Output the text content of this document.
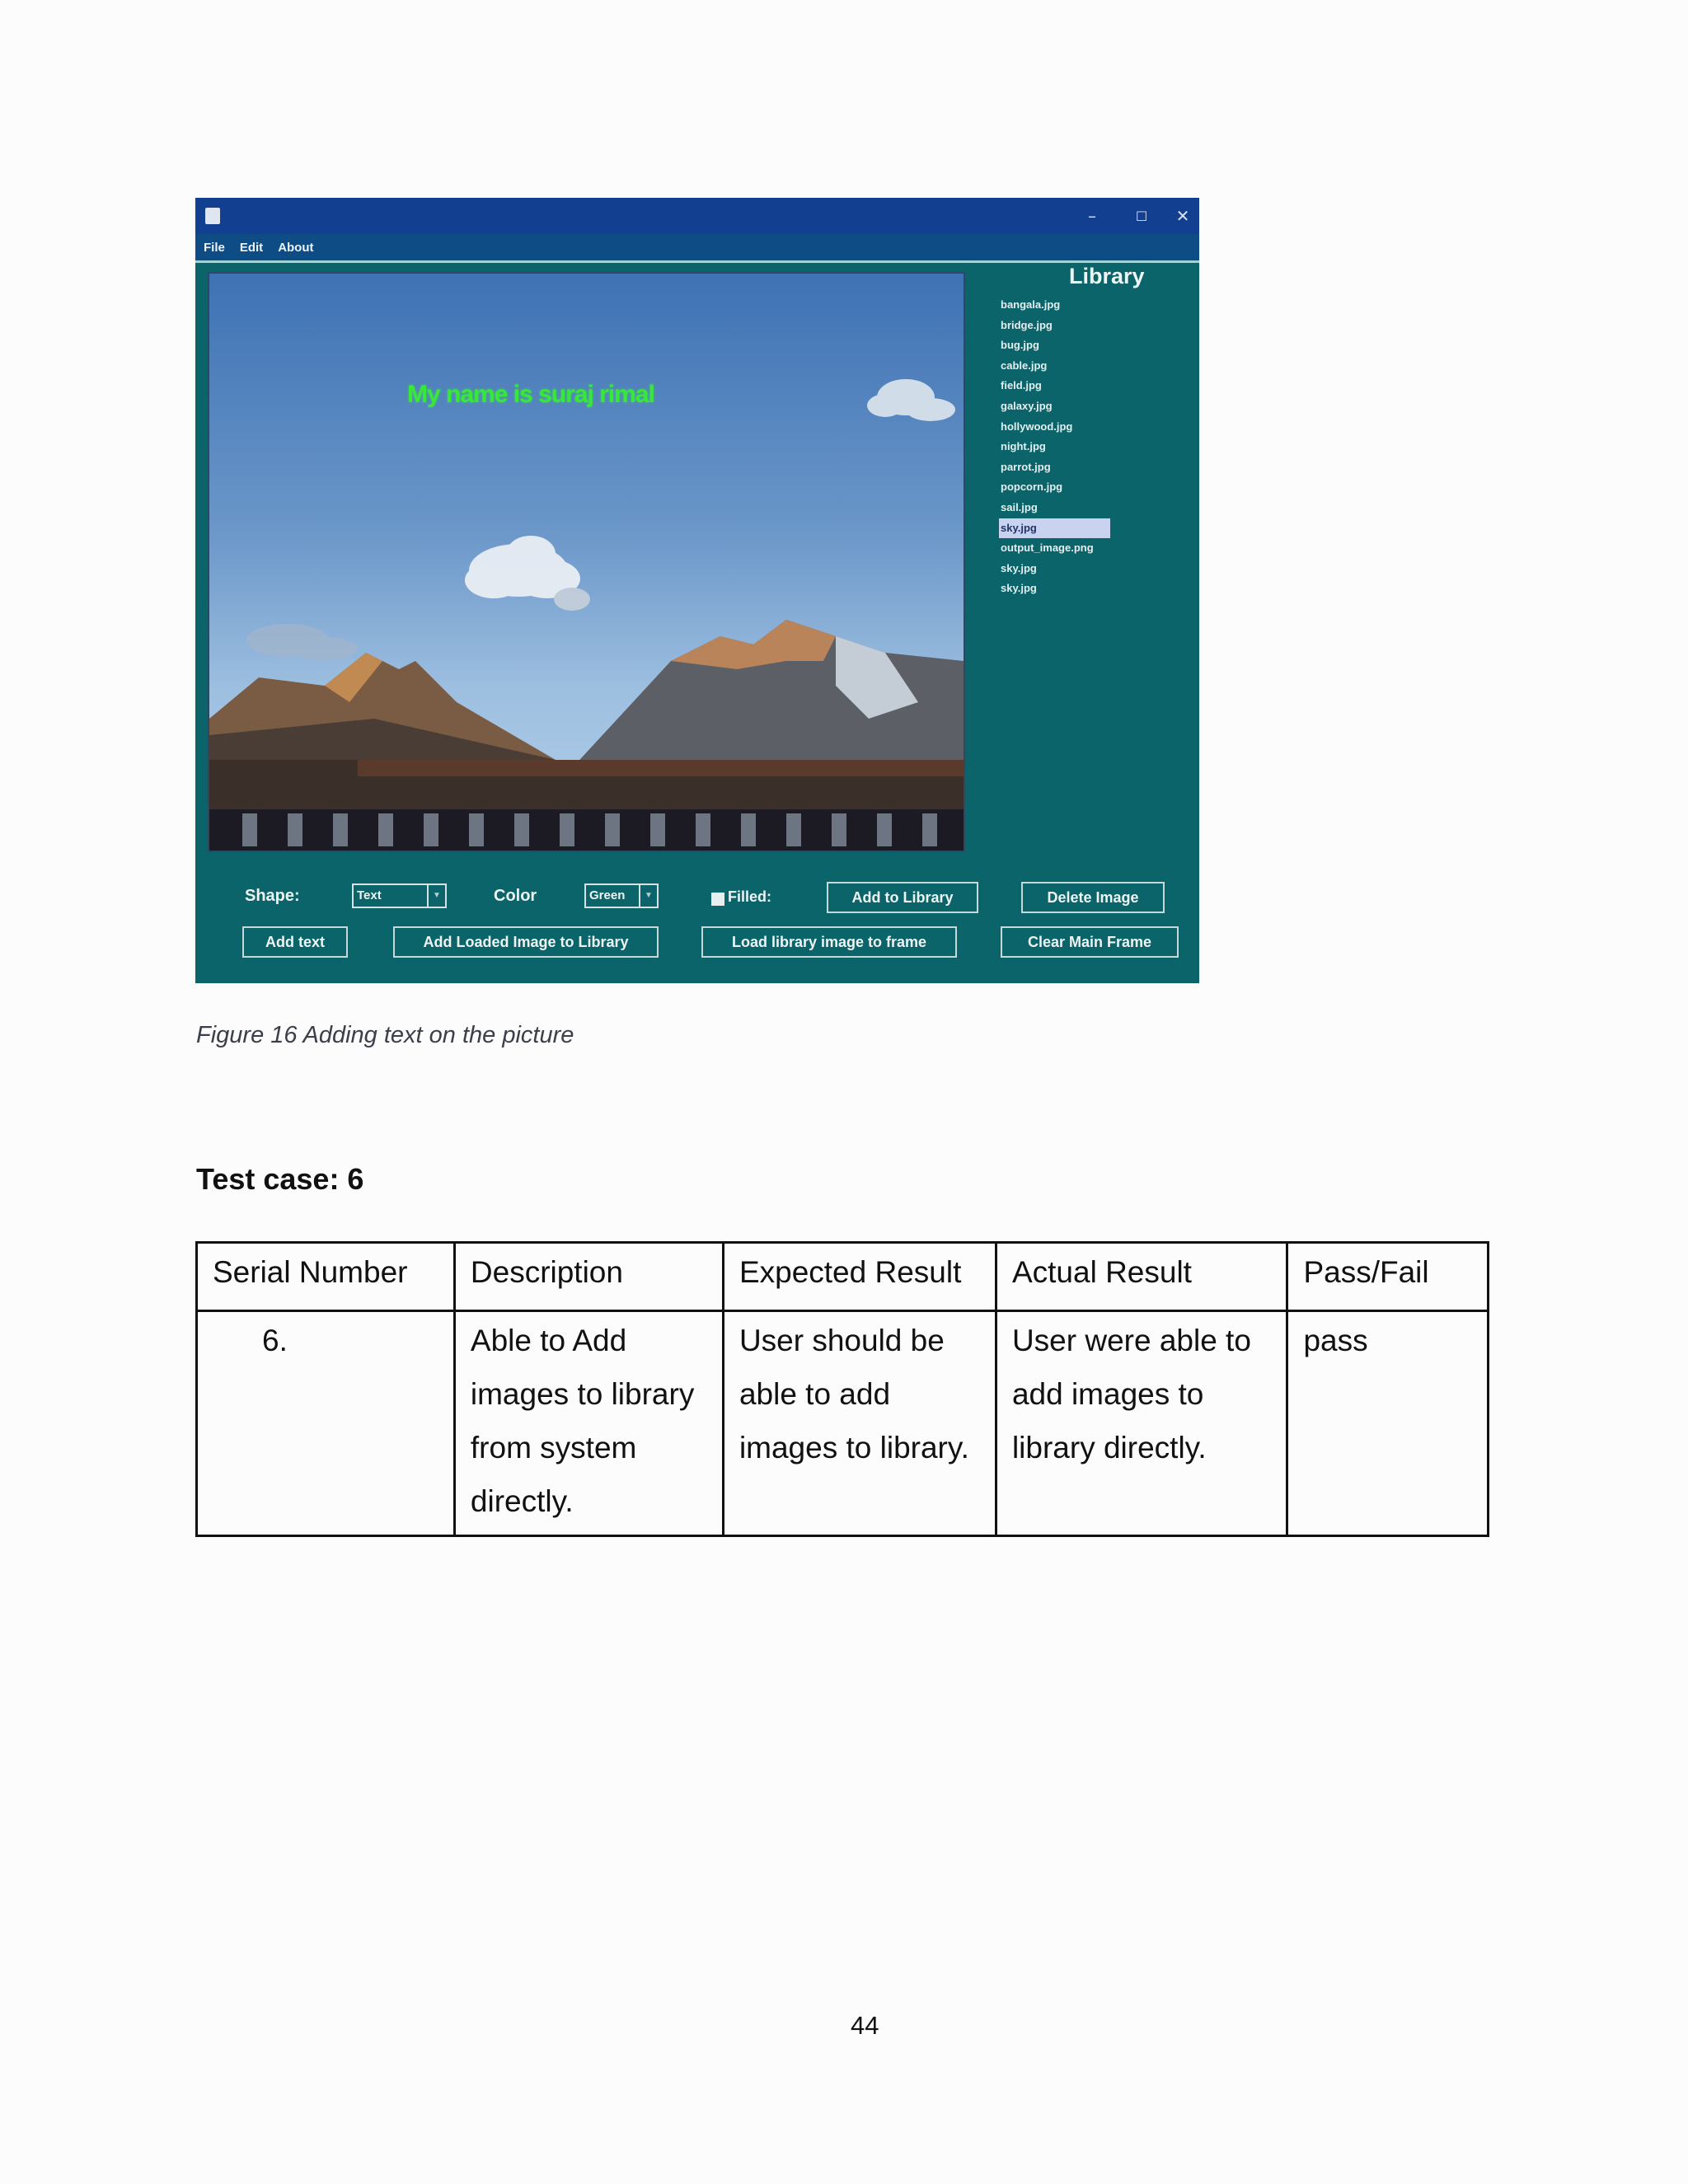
–	☐	✕
File Edit About
My name is suraj rimal
Library
bangala.jpg
bridge.jpg
bug.jpg
cable.jpg
field.jpg
galaxy.jpg
hollywood.jpg
night.jpg
parrot.jpg
popcorn.jpg
sail.jpg
sky.jpg
output_image.png
sky.jpg
sky.jpg
Shape:	Text	▼	Color	Green	▼	Filled:	Add to Library	Delete Image
Add text	Add Loaded Image to Library	Load library image to frame	Clear Main Frame
Figure 16 Adding text on the picture
Test case: 6
Serial Number	Description	Expected Result	Actual Result	Pass/Fail

6.	Able to Add images to library from system directly.	User should be able to add images to library.	User were able to add images to library directly.	pass
44
